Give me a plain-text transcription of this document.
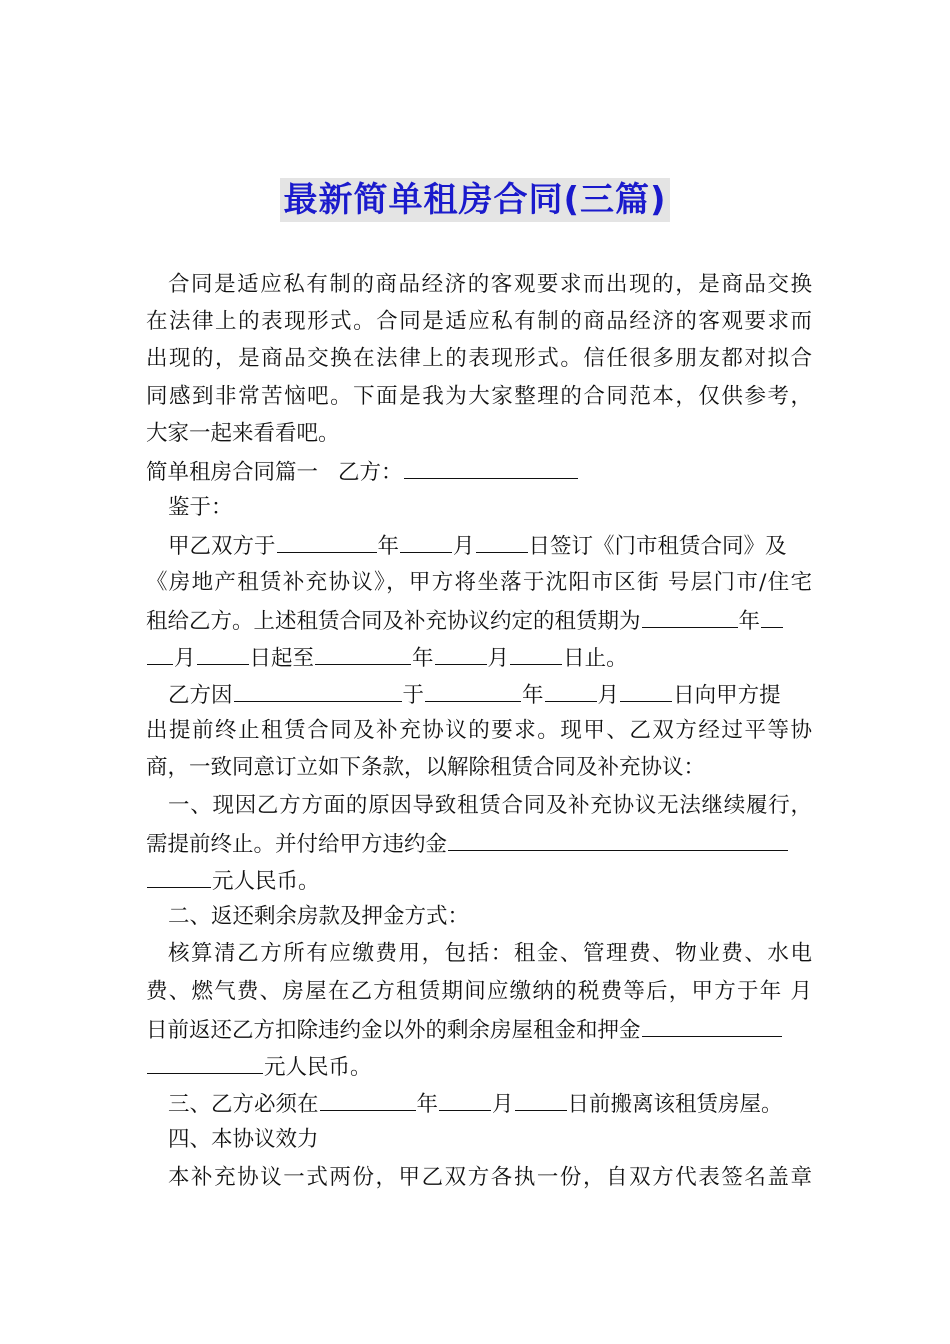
最新简单租房合同(三篇)
合同是适应私有制的商品经济的客观要求而出现的，是商品交换
在法律上的表现形式。合同是适应私有制的商品经济的客观要求而
出现的，是商品交换在法律上的表现形式。信任很多朋友都对拟合
同感到非常苦恼吧。下面是我为大家整理的合同范本，仅供参考，
大家一起来看看吧。
简单租房合同篇一 乙方：
鉴于：
甲乙双方于	年	月	日签订《门市租赁合同》及
《房地产租赁补充协议》，甲方将坐落于沈阳市区街 号层门市/住宅
租给乙方。上述租赁合同及补充协议约定的租赁期为	年
月	日起至	年	月	日止。
乙方因	于	年	月	日向甲方提
出提前终止租赁合同及补充协议的要求。现甲、乙双方经过平等协
商，一致同意订立如下条款，以解除租赁合同及补充协议：
一、现因乙方方面的原因导致租赁合同及补充协议无法继续履行，
需提前终止。并付给甲方违约金
元人民币。
二、返还剩余房款及押金方式：
核算清乙方所有应缴费用，包括：租金、管理费、物业费、水电
费、燃气费、房屋在乙方租赁期间应缴纳的税费等后，甲方于年 月
日前返还乙方扣除违约金以外的剩余房屋租金和押金
元人民币。
三、乙方必须在	年	月	日前搬离该租赁房屋。
四、本协议效力
本补充协议一式两份，甲乙双方各执一份，自双方代表签名盖章
